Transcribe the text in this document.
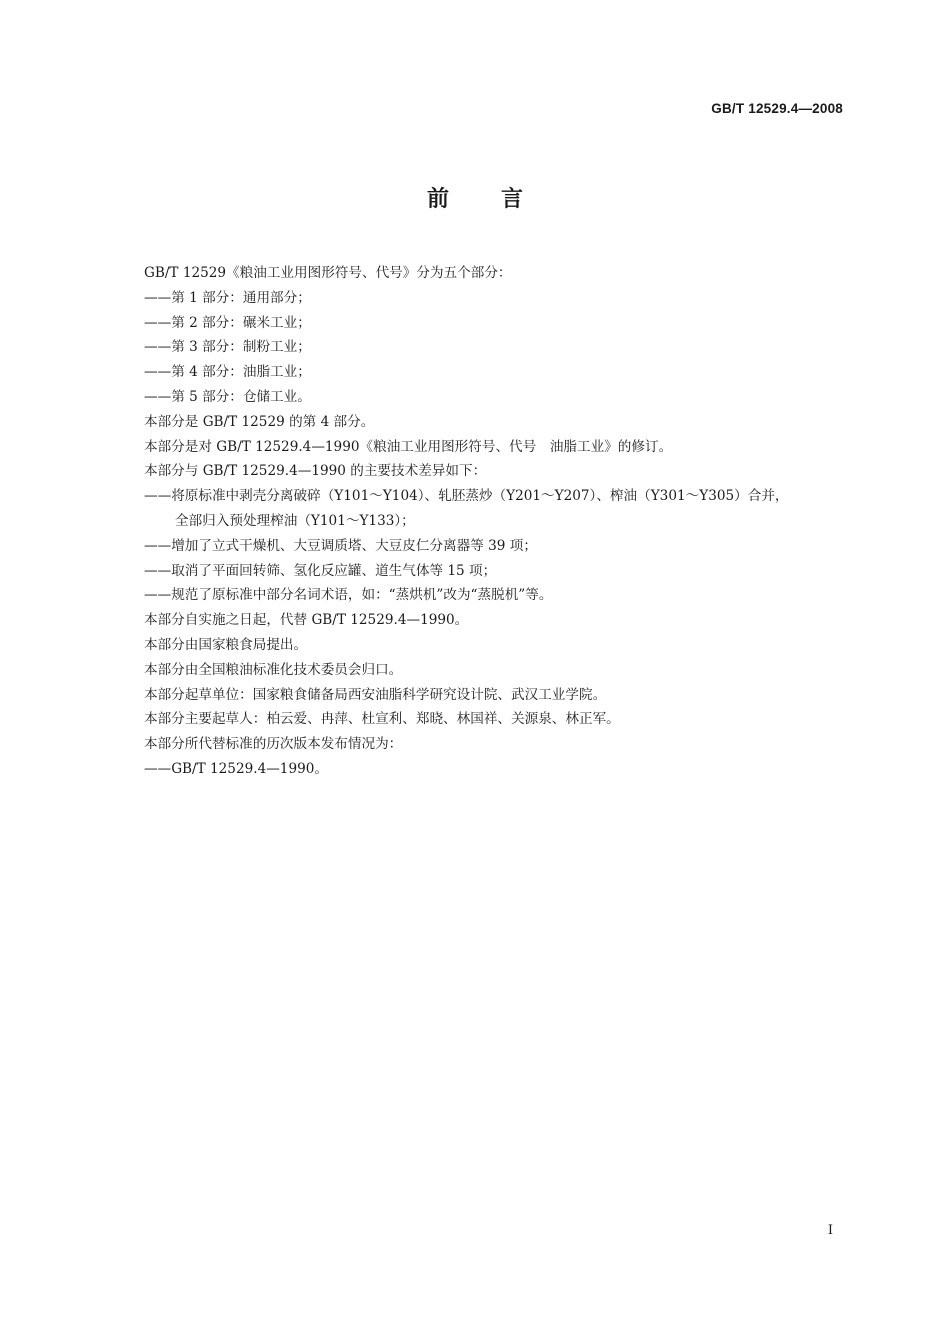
GB/T 12529.4—2008
前 言
GB/T 12529《粮油工业用图形符号、代号》分为五个部分：
——第 1 部分：通用部分；
——第 2 部分：碾米工业；
——第 3 部分：制粉工业；
——第 4 部分：油脂工业；
——第 5 部分：仓储工业。
本部分是 GB/T 12529 的第 4 部分。
本部分是对 GB/T 12529.4—1990《粮油工业用图形符号、代号　油脂工业》的修订。
本部分与 GB/T 12529.4—1990 的主要技术差异如下：
——将原标准中剥壳分离破碎（Y101～Y104）、轧胚蒸炒（Y201～Y207）、榨油（Y301～Y305）合并，
全部归入预处理榨油（Y101～Y133）；
——增加了立式干燥机、大豆调质塔、大豆皮仁分离器等 39 项；
——取消了平面回转筛、氢化反应罐、道生气体等 15 项；
——规范了原标准中部分名词术语，如：“蒸烘机”改为“蒸脱机”等。
本部分自实施之日起，代替 GB/T 12529.4—1990。
本部分由国家粮食局提出。
本部分由全国粮油标准化技术委员会归口。
本部分起草单位：国家粮食储备局西安油脂科学研究设计院、武汉工业学院。
本部分主要起草人：柏云爱、冉萍、杜宣利、郑晓、林国祥、关源泉、林正军。
本部分所代替标准的历次版本发布情况为：
——GB/T 12529.4—1990。
I
